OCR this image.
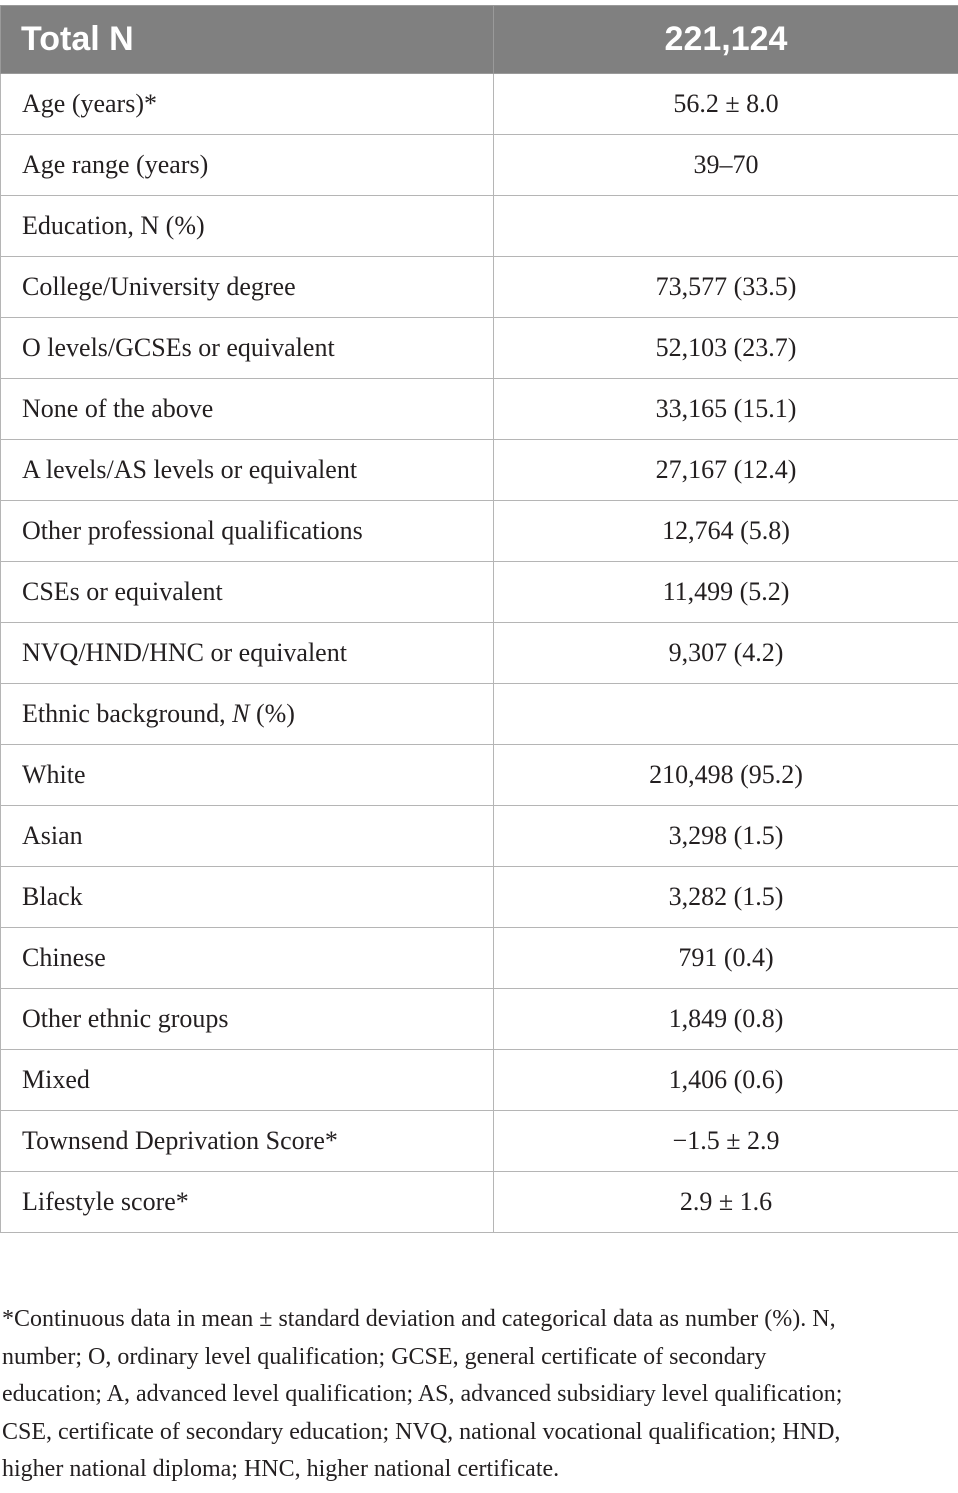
Total N	221,124
Age (years)*	56.2 ± 8.0
Age range (years)	39–70
Education, N (%)	
College/University degree	73,577 (33.5)
O levels/GCSEs or equivalent	52,103 (23.7)
None of the above	33,165 (15.1)
A levels/AS levels or equivalent	27,167 (12.4)
Other professional qualifications	12,764 (5.8)
CSEs or equivalent	11,499 (5.2)
NVQ/HND/HNC or equivalent	9,307 (4.2)
Ethnic background, N (%)	
White	210,498 (95.2)
Asian	3,298 (1.5)
Black	3,282 (1.5)
Chinese	791 (0.4)
Other ethnic groups	1,849 (0.8)
Mixed	1,406 (0.6)
Townsend Deprivation Score*	−1.5 ± 2.9
Lifestyle score*	2.9 ± 1.6
*Continuous data in mean ± standard deviation and categorical data as number (%). N,
number; O, ordinary level qualification; GCSE, general certificate of secondary
education; A, advanced level qualification; AS, advanced subsidiary level qualification;
CSE, certificate of secondary education; NVQ, national vocational qualification; HND,
higher national diploma; HNC, higher national certificate.
